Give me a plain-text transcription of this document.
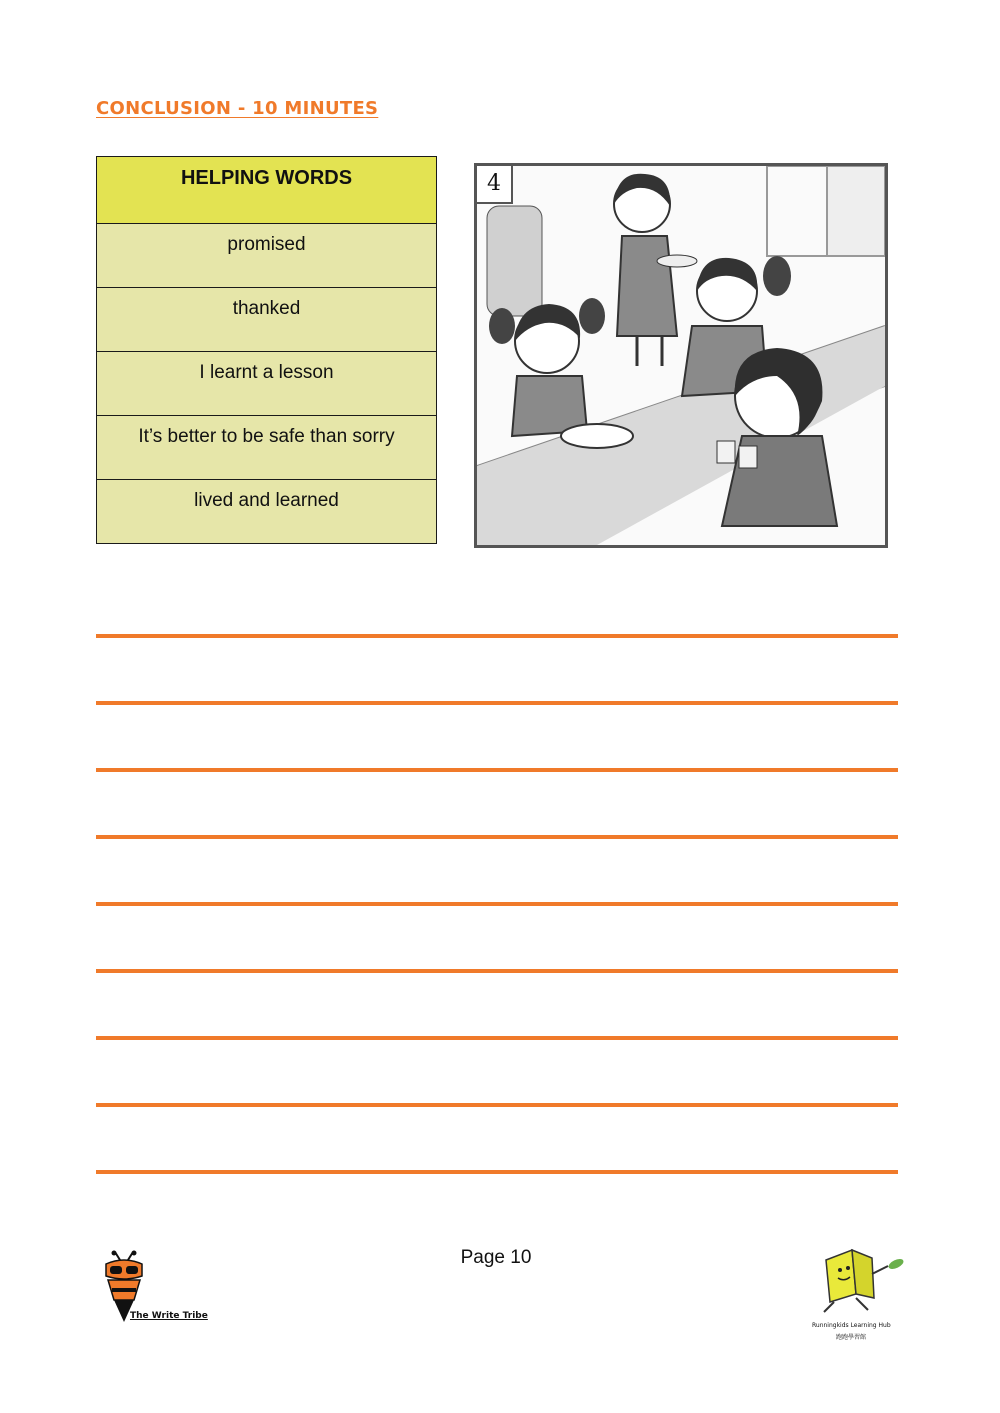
CONCLUSION - 10 MINUTES
HELPING WORDS
promised
thanked
I learnt a lesson
It’s better to be safe than sorry
lived and learned
4
Page 10
The Write Tribe
Runningkids Learning Hub
跑跑學習館
